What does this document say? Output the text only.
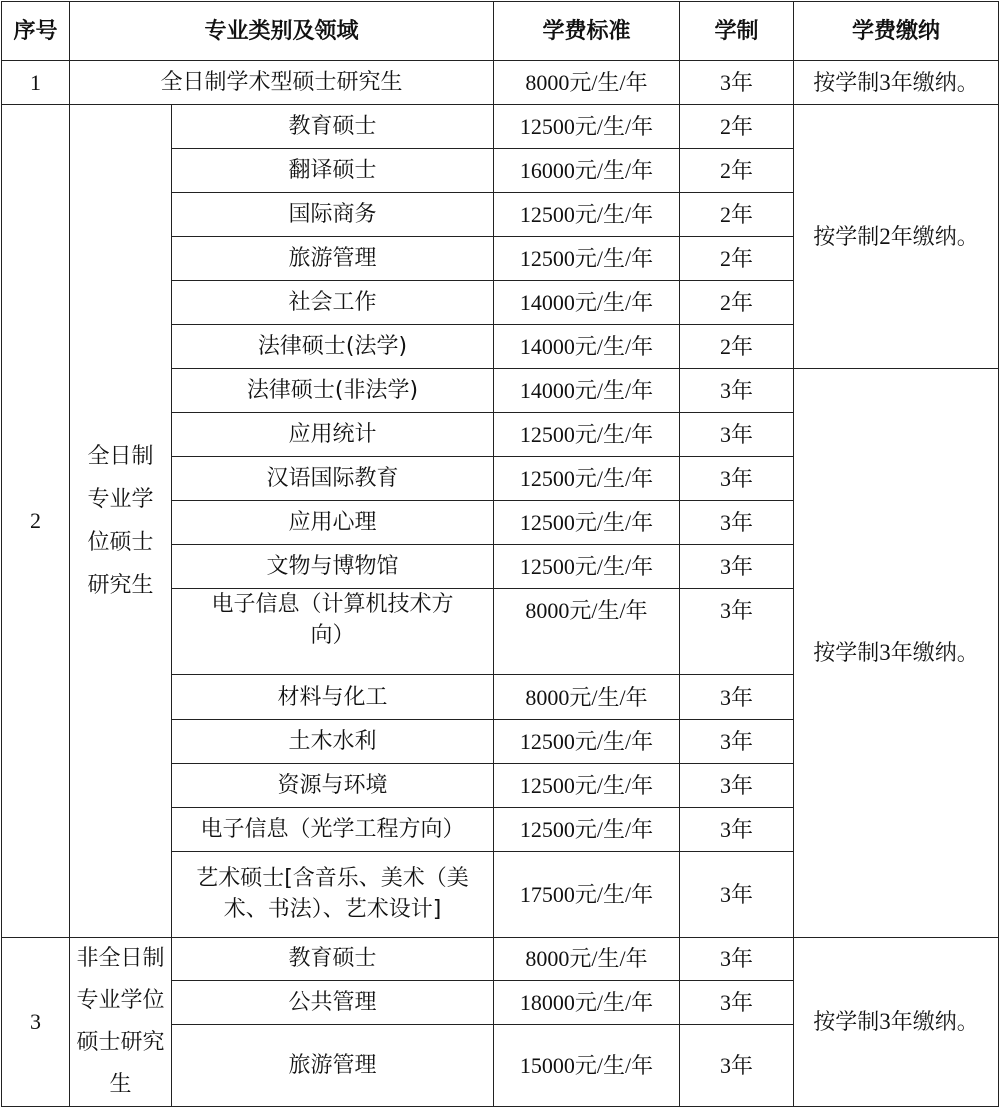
序号	专业类别及领域		学费标准	学制	学费缴纳
1	全日制学术型硕士研究生		8000元/生/年	3年	按学制3年缴纳。
2	全日制
专业学
位硕士
研究生	教育硕士	12500元/生/年	2年	按学制2年缴纳。
		翻译硕士	16000元/生/年	2年	
		国际商务	12500元/生/年	2年	
		旅游管理	12500元/生/年	2年	
		社会工作	14000元/生/年	2年	
		法律硕士(法学)	14000元/生/年	2年	
		法律硕士(非法学)	14000元/生/年	3年	按学制3年缴纳。
		应用统计	12500元/生/年	3年	
		汉语国际教育	12500元/生/年	3年	
		应用心理	12500元/生/年	3年	
		文物与博物馆	12500元/生/年	3年	

		电子信息（计算机技术方
向）	8000元/生/年	3年	
		材料与化工	8000元/生/年	3年	
		土木水利	12500元/生/年	3年	
		资源与环境	12500元/生/年	3年	
		电子信息（光学工程方向）	12500元/生/年	3年	

		艺术硕士[含音乐、美术（美
术、书法）、艺术设计]	17500元/生/年	3年	
3	非全日制
专业学位
硕士研究
生	教育硕士	8000元/生/年	3年	按学制3年缴纳。
		公共管理	18000元/生/年	3年	
		旅游管理	15000元/生/年	3年	
